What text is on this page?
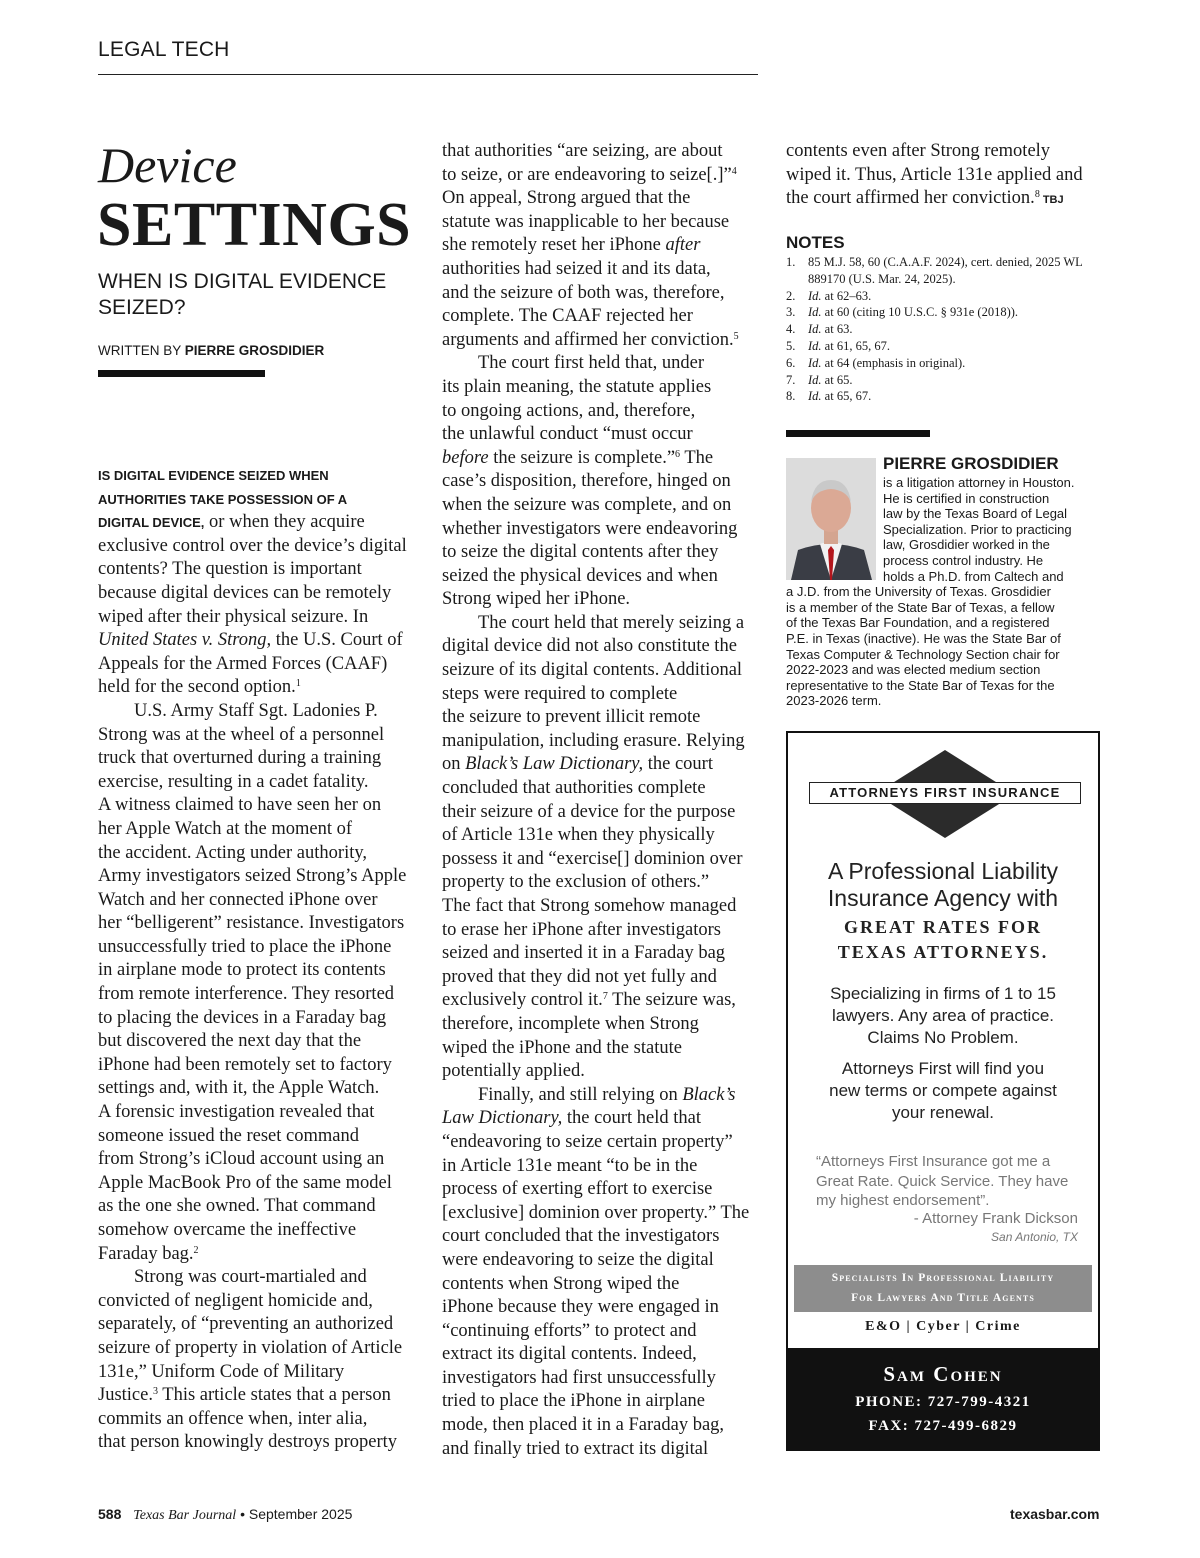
LEGAL TECH
Device
SETTINGS
WHEN IS DIGITAL EVIDENCE SEIZED?
WRITTEN BY PIERRE GROSDIDIER
IS DIGITAL EVIDENCE SEIZED WHEN
AUTHORITIES TAKE POSSESSION OF A
DIGITAL DEVICE, or when they acquire
exclusive control over the device’s digital
contents? The question is important
because digital devices can be remotely
wiped after their physical seizure. In
United States v. Strong, the U.S. Court of
Appeals for the Armed Forces (CAAF)
held for the second option.$^1$
U.S. Army Staff Sgt. Ladonies P.
Strong was at the wheel of a personnel
truck that overturned during a training
exercise, resulting in a cadet fatality.
A witness claimed to have seen her on
her Apple Watch at the moment of
the accident. Acting under authority,
Army investigators seized Strong’s Apple
Watch and her connected iPhone over
her “belligerent” resistance. Investigators
unsuccessfully tried to place the iPhone
in airplane mode to protect its contents
from remote interference. They resorted
to placing the devices in a Faraday bag
but discovered the next day that the
iPhone had been remotely set to factory
settings and, with it, the Apple Watch.
A forensic investigation revealed that
someone issued the reset command
from Strong’s iCloud account using an
Apple MacBook Pro of the same model
as the one she owned. That command
somehow overcame the ineffective
Faraday bag.$^2$
Strong was court-martialed and
convicted of negligent homicide and,
separately, of “preventing an authorized
seizure of property in violation of Article
131e,” Uniform Code of Military
Justice.$^3$ This article states that a person
commits an offence when, inter alia,
that person knowingly destroys property
that authorities “are seizing, are about
to seize, or are endeavoring to seize[.]”$^4$
On appeal, Strong argued that the
statute was inapplicable to her because
she remotely reset her iPhone after
authorities had seized it and its data,
and the seizure of both was, therefore,
complete. The CAAF rejected her
arguments and affirmed her conviction.$^5$
The court first held that, under
its plain meaning, the statute applies
to ongoing actions, and, therefore,
the unlawful conduct “must occur
before the seizure is complete.”$^6$ The
case’s disposition, therefore, hinged on
when the seizure was complete, and on
whether investigators were endeavoring
to seize the digital contents after they
seized the physical devices and when
Strong wiped her iPhone.
The court held that merely seizing a
digital device did not also constitute the
seizure of its digital contents. Additional
steps were required to complete
the seizure to prevent illicit remote
manipulation, including erasure. Relying
on Black’s Law Dictionary, the court
concluded that authorities complete
their seizure of a device for the purpose
of Article 131e when they physically
possess it and “exercise[] dominion over
property to the exclusion of others.”
The fact that Strong somehow managed
to erase her iPhone after investigators
seized and inserted it in a Faraday bag
proved that they did not yet fully and
exclusively control it.$^7$ The seizure was,
therefore, incomplete when Strong
wiped the iPhone and the statute
potentially applied.
Finally, and still relying on Black’s
Law Dictionary, the court held that
“endeavoring to seize certain property”
in Article 131e meant “to be in the
process of exerting effort to exercise
[exclusive] dominion over property.” The
court concluded that the investigators
were endeavoring to seize the digital
contents when Strong wiped the
iPhone because they were engaged in
“continuing efforts” to protect and
extract its digital contents. Indeed,
investigators had first unsuccessfully
tried to place the iPhone in airplane
mode, then placed it in a Faraday bag,
and finally tried to extract its digital
contents even after Strong remotely
wiped it. Thus, Article 131e applied and
the court affirmed her conviction.$^8$ TBJ
NOTES
1. 85 M.J. 58, 60 (C.A.A.F. 2024), cert. denied, 2025 WL 889170 (U.S. Mar. 24, 2025).
2. Id. at 62–63.
3. Id. at 60 (citing 10 U.S.C. § 931e (2018)).
4. Id. at 63.
5. Id. at 61, 65, 67.
6. Id. at 64 (emphasis in original).
7. Id. at 65.
8. Id. at 65, 67.
PIERRE GROSDIDIER
is a litigation attorney in Houston.
He is certified in construction
law by the Texas Board of Legal
Specialization. Prior to practicing
law, Grosdidier worked in the
process control industry. He
holds a Ph.D. from Caltech and
a J.D. from the University of Texas. Grosdidier
is a member of the State Bar of Texas, a fellow
of the Texas Bar Foundation, and a registered
P.E. in Texas (inactive). He was the State Bar of
Texas Computer & Technology Section chair for
2022-2023 and was elected medium section
representative to the State Bar of Texas for the
2023-2026 term.
ATTORNEYS FIRST INSURANCE
A Professional Liability
Insurance Agency with
GREAT RATES FOR
TEXAS ATTORNEYS.
Specializing in firms of 1 to 15
lawyers. Any area of practice.
Claims No Problem.
Attorneys First will find you
new terms or compete against
your renewal.
“Attorneys First Insurance got me a Great Rate. Quick Service. They have my highest endorsement”.
- Attorney Frank Dickson
San Antonio, TX
Specialists In Professional Liability
For Lawyers And Title Agents
E&O | Cyber | Crime
Sam Cohen
PHONE: 727-799-4321
FAX: 727-499-6829
588 Texas Bar Journal • September 2025	texasbar.com
